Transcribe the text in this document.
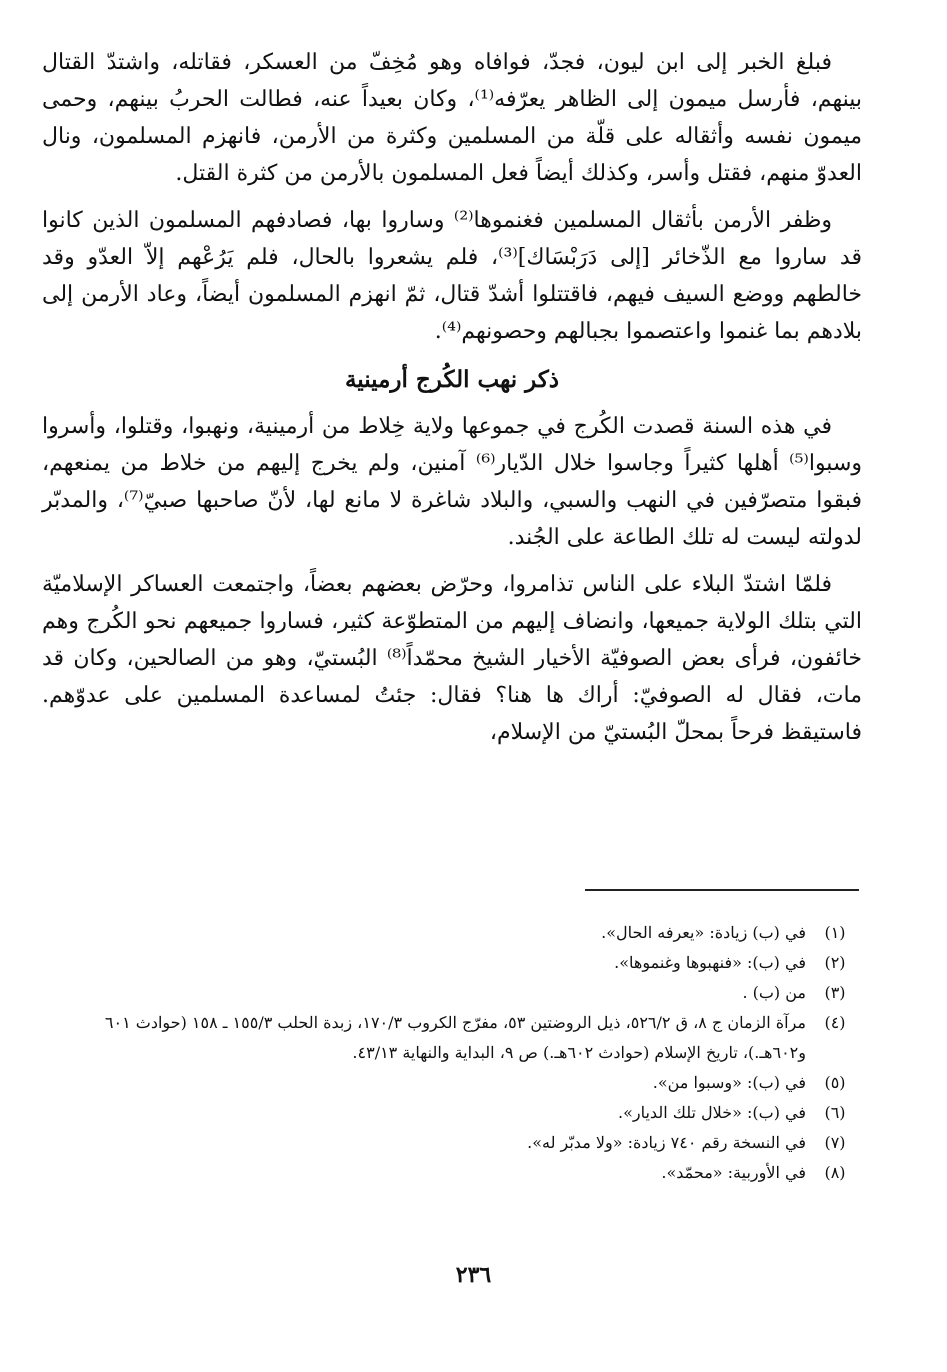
فبلغ الخبر إلى ابن ليون، فجدّ، فوافاه وهو مُخِفّ من العسكر، فقاتله، واشتدّ القتال بينهم، فأرسل ميمون إلى الظاهر يعرّفه⁽¹⁾، وكان بعيداً عنه، فطالت الحربُ بينهم، وحمى ميمون نفسه وأثقاله على قلّة من المسلمين وكثرة من الأرمن، فانهزم المسلمون، ونال العدوّ منهم، فقتل وأسر، وكذلك أيضاً فعل المسلمون بالأرمن من كثرة القتل.

وظفر الأرمن بأثقال المسلمين فغنموها⁽²⁾ وساروا بها، فصادفهم المسلمون الذين كانوا قد ساروا مع الذّخائر [إلى دَرَبْسَاك]⁽³⁾، فلم يشعروا بالحال، فلم يَرُعْهم إلاّ العدّو وقد خالطهم ووضع السيف فيهم، فاقتتلوا أشدّ قتال، ثمّ انهزم المسلمون أيضاً، وعاد الأرمن إلى بلادهم بما غنموا واعتصموا بجبالهم وحصونهم⁽⁴⁾.

ذكر نهب الكُرج أرمينية

في هذه السنة قصدت الكُرج في جموعها ولاية خِلاط من أرمينية، ونهبوا، وقتلوا، وأسروا وسبوا⁽⁵⁾ أهلها كثيراً وجاسوا خلال الدّيار⁽⁶⁾ آمنين، ولم يخرج إليهم من خلاط من يمنعهم، فبقوا متصرّفين في النهب والسبي، والبلاد شاغرة لا مانع لها، لأنّ صاحبها صبيّ⁽⁷⁾، والمدبّر لدولته ليست له تلك الطاعة على الجُند.

فلمّا اشتدّ البلاء على الناس تذامروا، وحرّض بعضهم بعضاً، واجتمعت العساكر الإسلاميّة التي بتلك الولاية جميعها، وانضاف إليهم من المتطوّعة كثير، فساروا جميعهم نحو الكُرج وهم خائفون، فرأى بعض الصوفيّة الأخيار الشيخ محمّداً⁽⁸⁾ البُستيّ، وهو من الصالحين، وكان قد مات، فقال له الصوفيّ: أراك ها هنا؟ فقال: جئتُ لمساعدة المسلمين على عدوّهم. فاستيقظ فرحاً بمحلّ البُستيّ من الإسلام،

(١)
في (ب) زيادة: «يعرفه الحال».
(٢)
في (ب): «فنهبوها وغنموها».
(٣)
من (ب) .
(٤)
مرآة الزمان ج ٨، ق ٥٢٦/٢، ذيل الروضتين ٥٣، مفرّج الكروب ١٧٠/٣، زبدة الحلب ١٥٥/٣ ـ ١٥٨ (حوادث ٦٠١ و٦٠٢هـ.)، تاريخ الإسلام (حوادث ٦٠٢هـ.) ص ٩، البداية والنهاية ٤٣/١٣.
(٥)
في (ب): «وسبوا من».
(٦)
في (ب): «خلال تلك الديار».
(٧)
في النسخة رقم ٧٤٠ زيادة: «ولا مدبّر له».
(٨)
في الأوربية: «محمّد».
٢٣٦
